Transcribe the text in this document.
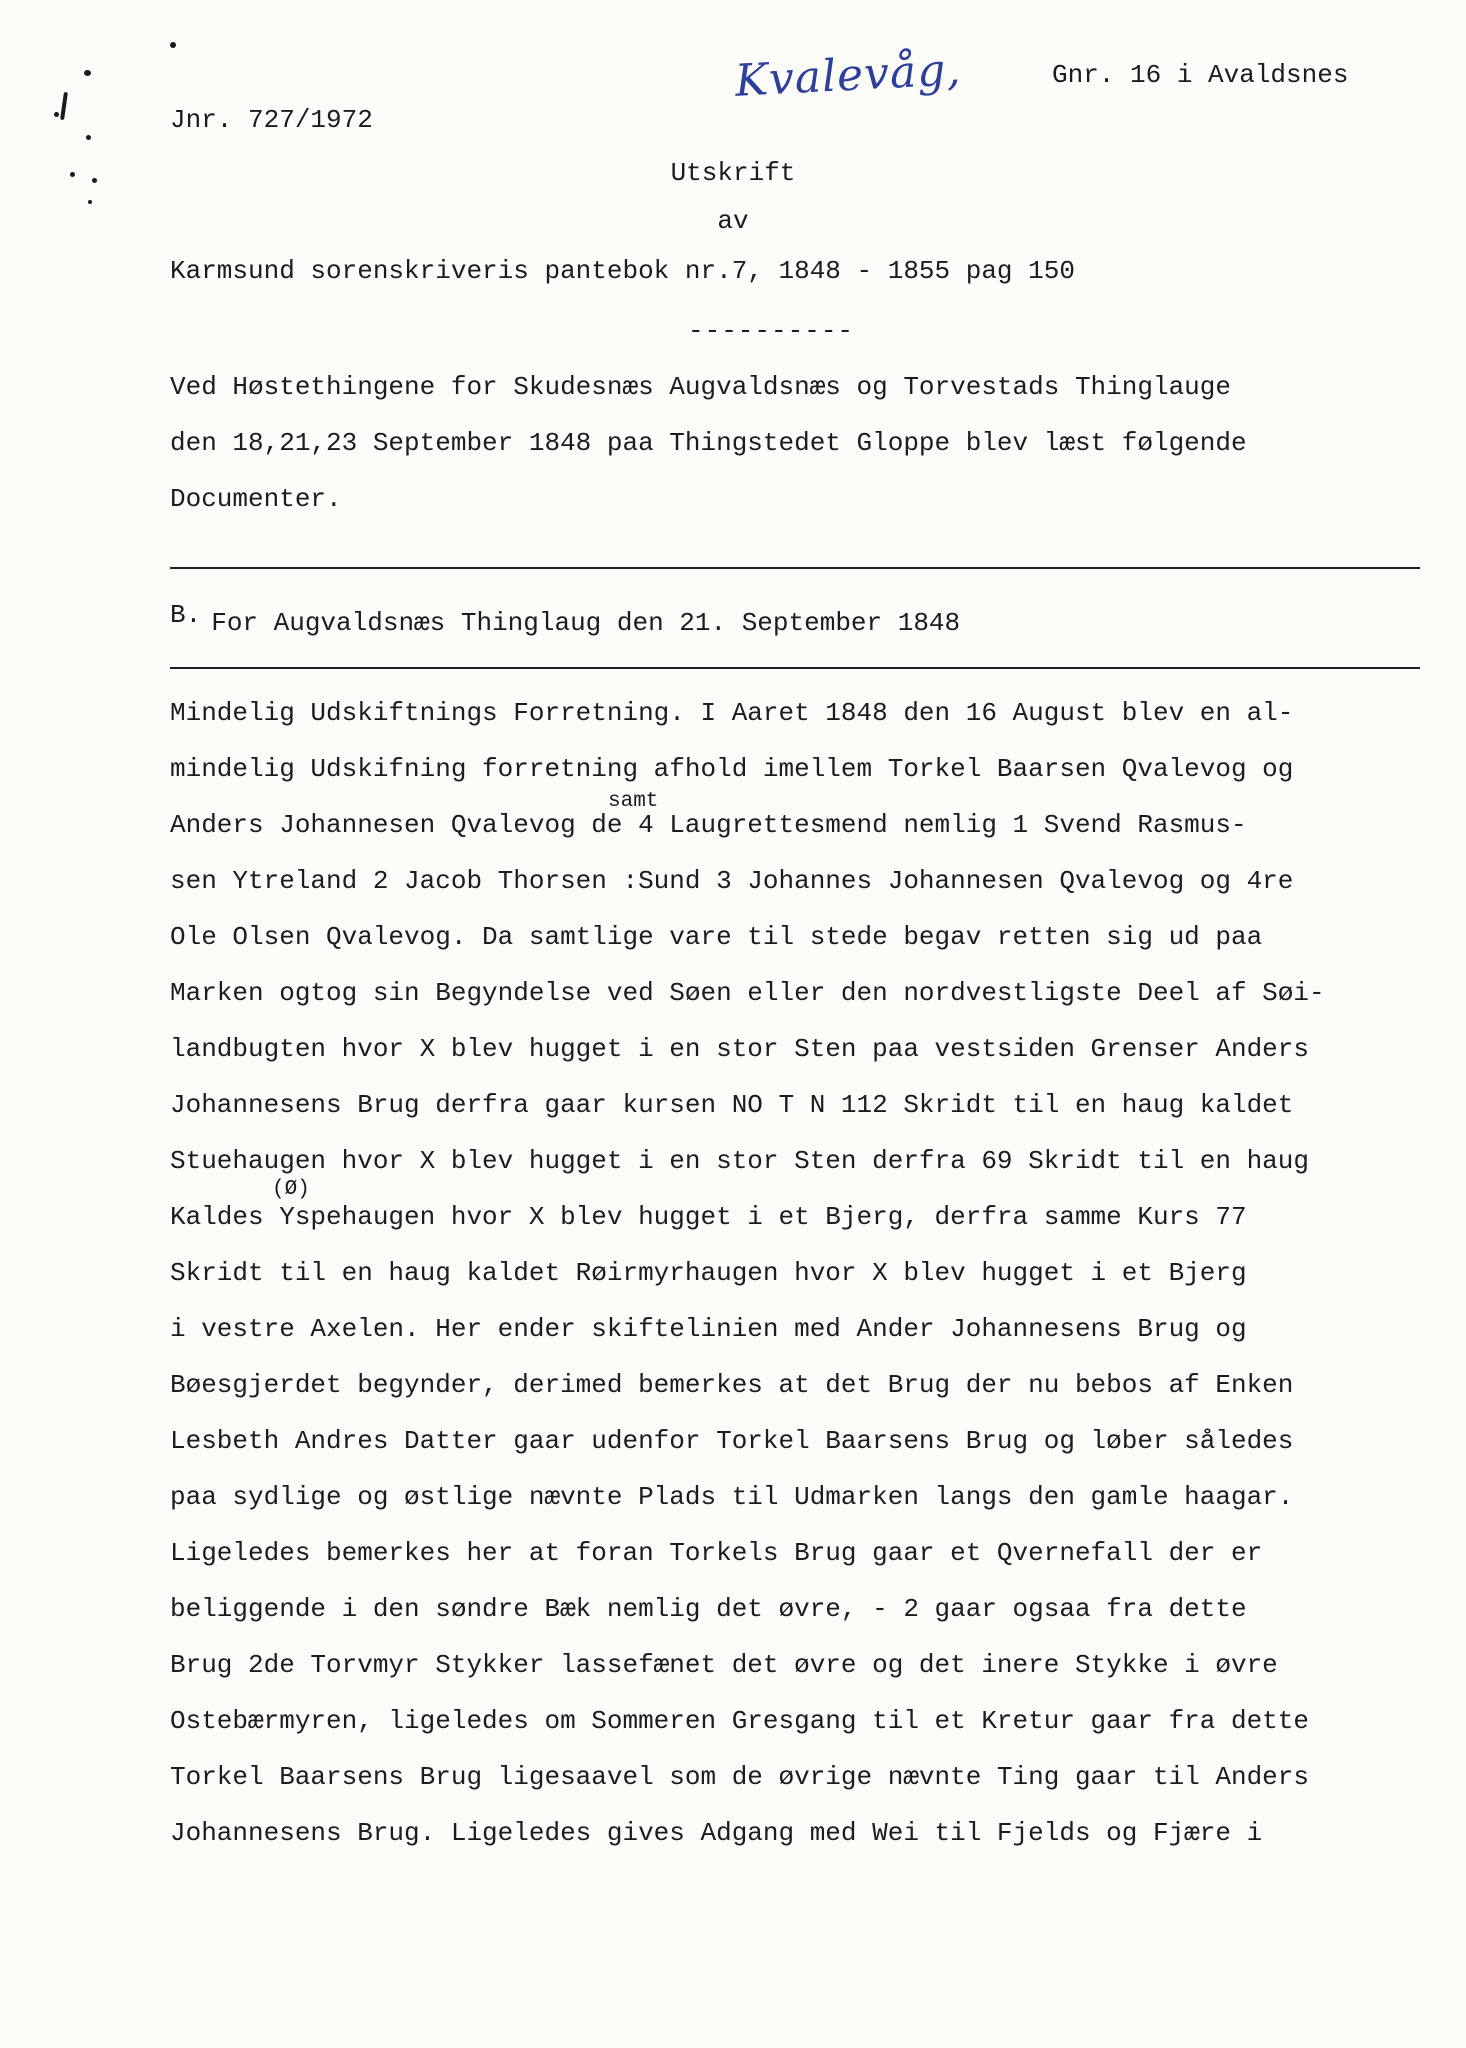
Kvalevåg,	Gnr. 16 i Avaldsnes
Jnr. 727/1972
Utskrift
av
Karmsund sorenskriveris pantebok nr.7, 1848 - 1855 pag 150
----------
Ved Høstethingene for Skudesnæs Augvaldsnæs og Torvestads Thinglauge
den 18,21,23 September 1848 paa Thingstedet Gloppe blev læst følgende
Documenter.
B. For Augvaldsnæs Thinglaug den 21. September 1848
samt
(Ø)
Mindelig Udskiftnings Forretning. I Aaret 1848 den 16 August blev en al-
mindelig Udskifning forretning afhold imellem Torkel Baarsen Qvalevog og
Anders Johannesen Qvalevog de 4 Laugrettesmend nemlig 1 Svend Rasmus-
sen Ytreland 2 Jacob Thorsen :Sund 3 Johannes Johannesen Qvalevog og 4re
Ole Olsen Qvalevog. Da samtlige vare til stede begav retten sig ud paa
Marken ogtog sin Begyndelse ved Søen eller den nordvestligste Deel af Søi-
landbugten hvor X blev hugget i en stor Sten paa vestsiden Grenser Anders
Johannesens Brug derfra gaar kursen NO T N 112 Skridt til en haug kaldet
Stuehaugen hvor X blev hugget i en stor Sten derfra 69 Skridt til en haug
Kaldes Yspehaugen hvor X blev hugget i et Bjerg, derfra samme Kurs 77
Skridt til en haug kaldet Røirmyrhaugen hvor X blev hugget i et Bjerg
i vestre Axelen. Her ender skiftelinien med Ander Johannesens Brug og
Bøesgjerdet begynder, derimed bemerkes at det Brug der nu bebos af Enken
Lesbeth Andres Datter gaar udenfor Torkel Baarsens Brug og løber således
paa sydlige og østlige nævnte Plads til Udmarken langs den gamle haagar.
Ligeledes bemerkes her at foran Torkels Brug gaar et Qvernefall der er
beliggende i den søndre Bæk nemlig det øvre, - 2 gaar ogsaa fra dette
Brug 2de Torvmyr Stykker lassefænet det øvre og det inere Stykke i øvre
Ostebærmyren, ligeledes om Sommeren Gresgang til et Kretur gaar fra dette
Torkel Baarsens Brug ligesaavel som de øvrige nævnte Ting gaar til Anders
Johannesens Brug. Ligeledes gives Adgang med Wei til Fjelds og Fjære i
